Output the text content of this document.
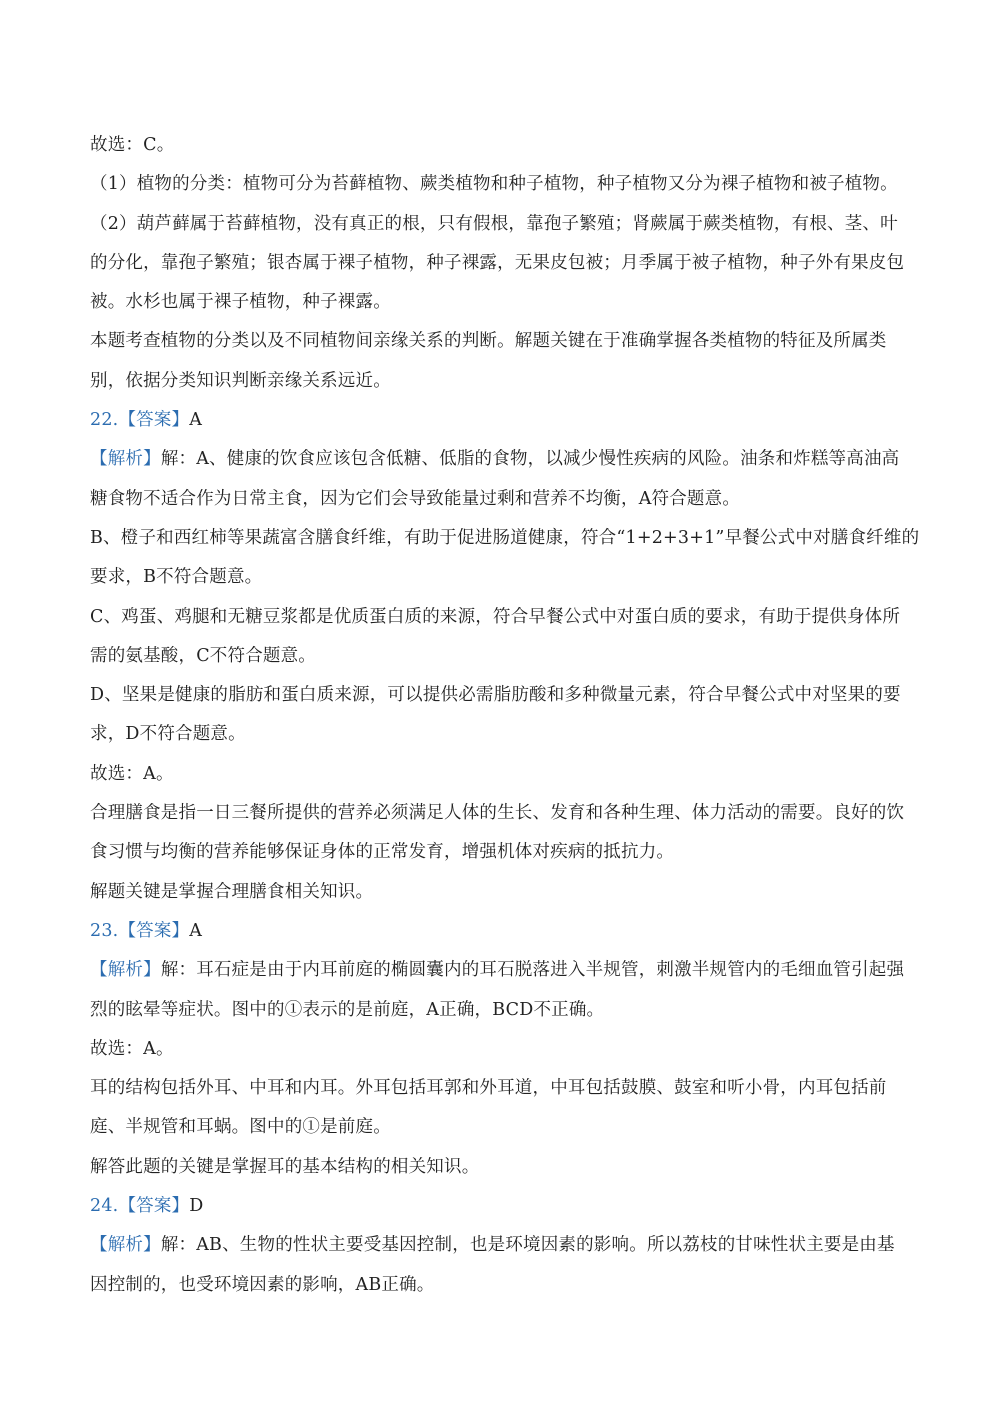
故选：C。
（1）植物的分类：植物可分为苔藓植物、蕨类植物和种子植物，种子植物又分为裸子植物和被子植物。
（2）葫芦藓属于苔藓植物，没有真正的根，只有假根，靠孢子繁殖；肾蕨属于蕨类植物，有根、茎、叶
的分化，靠孢子繁殖；银杏属于裸子植物，种子裸露，无果皮包被；月季属于被子植物，种子外有果皮包
被。水杉也属于裸子植物，种子裸露。
本题考查植物的分类以及不同植物间亲缘关系的判断。解题关键在于准确掌握各类植物的特征及所属类
别，依据分类知识判断亲缘关系远近。
22.【答案】A
【解析】解：A、健康的饮食应该包含低糖、低脂的食物，以减少慢性疾病的风险。油条和炸糕等高油高
糖食物不适合作为日常主食，因为它们会导致能量过剩和营养不均衡，A符合题意。
B、橙子和西红柿等果蔬富含膳食纤维，有助于促进肠道健康，符合“1+2+3+1”早餐公式中对膳食纤维的
要求，B不符合题意。
C、鸡蛋、鸡腿和无糖豆浆都是优质蛋白质的来源，符合早餐公式中对蛋白质的要求，有助于提供身体所
需的氨基酸，C不符合题意。
D、坚果是健康的脂肪和蛋白质来源，可以提供必需脂肪酸和多种微量元素，符合早餐公式中对坚果的要
求，D不符合题意。
故选：A。
合理膳食是指一日三餐所提供的营养必须满足人体的生长、发育和各种生理、体力活动的需要。良好的饮
食习惯与均衡的营养能够保证身体的正常发育，增强机体对疾病的抵抗力。
解题关键是掌握合理膳食相关知识。
23.【答案】A
【解析】解：耳石症是由于内耳前庭的椭圆囊内的耳石脱落进入半规管，刺激半规管内的毛细血管引起强
烈的眩晕等症状。图中的①表示的是前庭，A正确，BCD不正确。
故选：A。
耳的结构包括外耳、中耳和内耳。外耳包括耳郭和外耳道，中耳包括鼓膜、鼓室和听小骨，内耳包括前
庭、半规管和耳蜗。图中的①是前庭。
解答此题的关键是掌握耳的基本结构的相关知识。
24.【答案】D
【解析】解：AB、生物的性状主要受基因控制，也是环境因素的影响。所以荔枝的甘味性状主要是由基
因控制的，也受环境因素的影响，AB正确。
